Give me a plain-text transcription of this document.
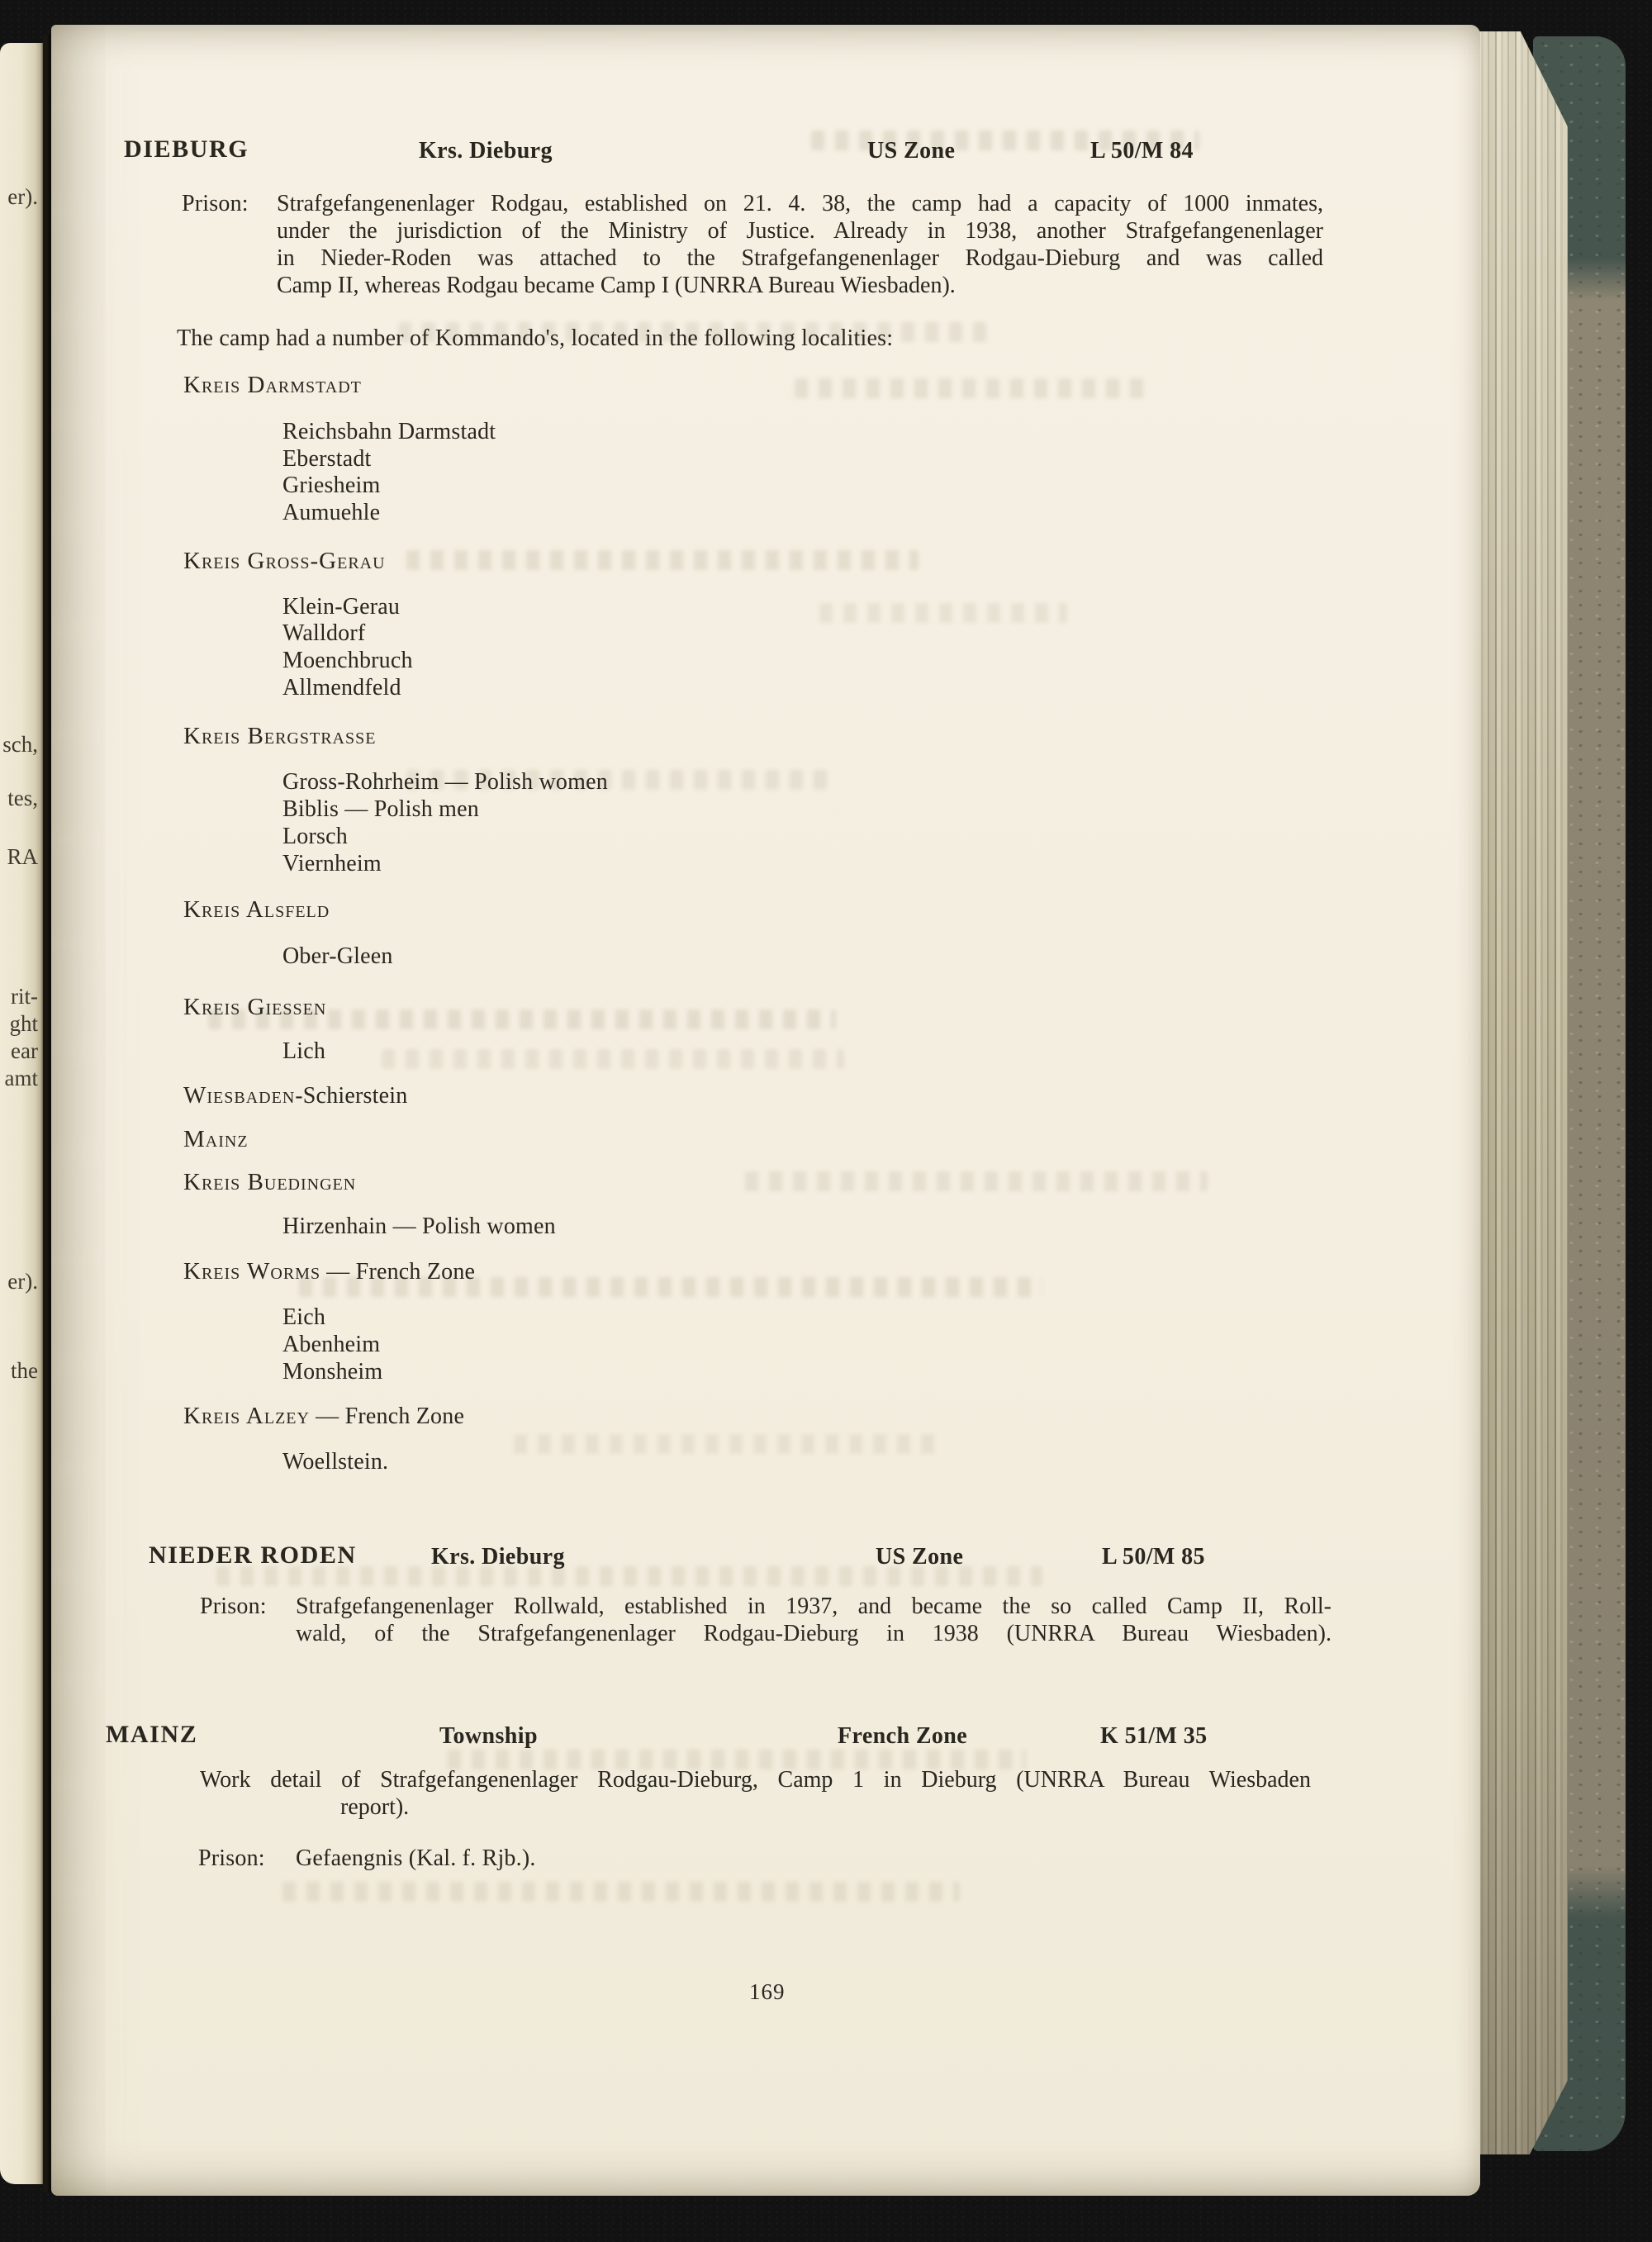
er).
sch,
tes,
RA
rit-
ght
ear
amt
er).
the
DIEBURG	Krs. Dieburg	US Zone	L 50/M 84
Prison: Strafgefangenenlager Rodgau, established on 21. 4. 38, the camp had a capacity of 1000 inmates,
under the jurisdiction of the Ministry of Justice. Already in 1938, another Strafgefangenenlager
in Nieder-Roden was attached to the Strafgefangenenlager Rodgau-Dieburg and was called
Camp II, whereas Rodgau became Camp I (UNRRA Bureau Wiesbaden).
The camp had a number of Kommando's, located in the following localities:
Kreis Darmstadt
Reichsbahn Darmstadt
Eberstadt
Griesheim
Aumuehle
Kreis Gross-Gerau
Klein-Gerau
Walldorf
Moenchbruch
Allmendfeld
Kreis Bergstrasse
Gross-Rohrheim — Polish women
Biblis — Polish men
Lorsch
Viernheim
Kreis Alsfeld
Ober-Gleen
Kreis Giessen
Lich
Wiesbaden-Schierstein
Mainz
Kreis Buedingen
Hirzenhain — Polish women
Kreis Worms — French Zone
Eich
Abenheim
Monsheim
Kreis Alzey — French Zone
Woellstein.
NIEDER RODEN	Krs. Dieburg	US Zone	L 50/M 85
Prison: Strafgefangenenlager Rollwald, established in 1937, and became the so called Camp II, Roll-
wald, of the Strafgefangenenlager Rodgau-Dieburg in 1938 (UNRRA Bureau Wiesbaden).
MAINZ	Township	French Zone	K 51/M 35
Work detail of Strafgefangenenlager Rodgau-Dieburg, Camp 1 in Dieburg (UNRRA Bureau Wiesbaden
report).
Prison: Gefaengnis (Kal. f. Rjb.).
169
